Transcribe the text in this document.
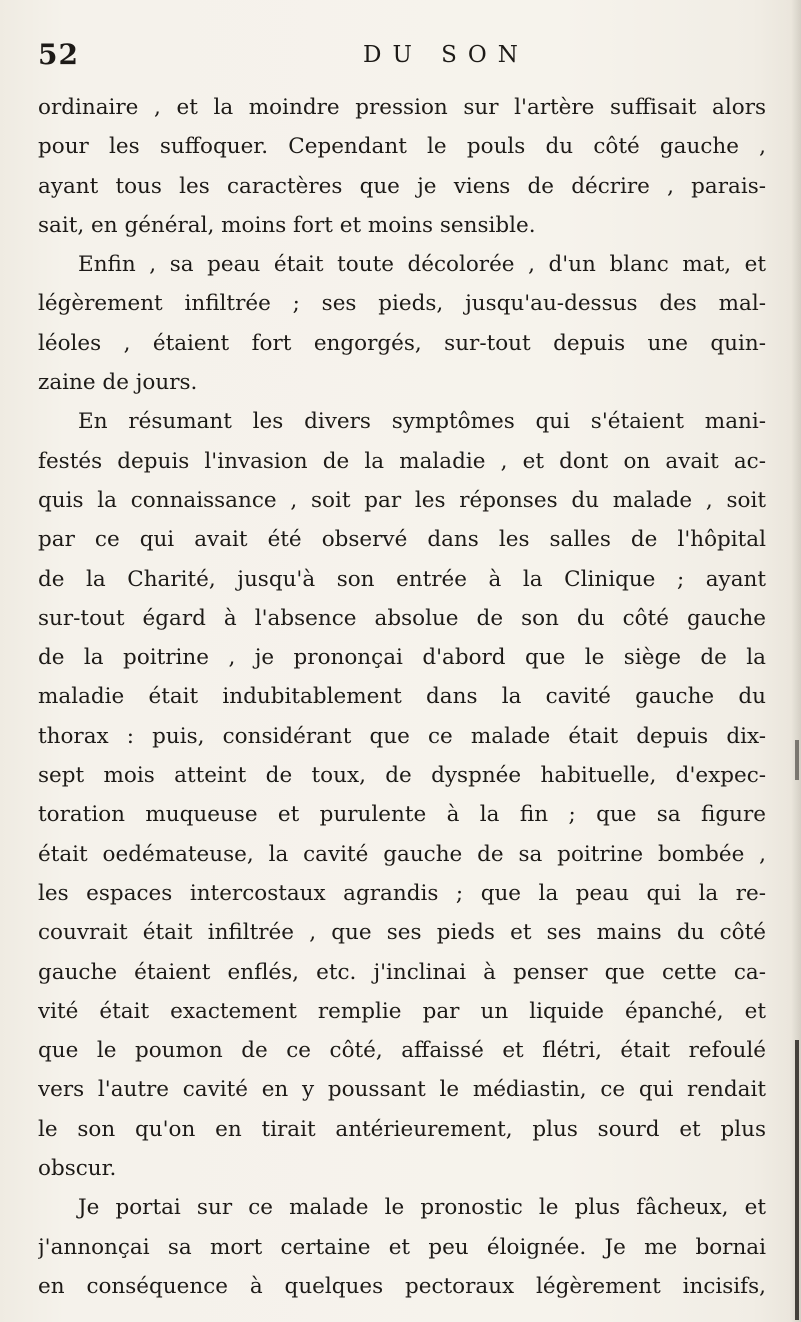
52	DU SON
ordinaire , et la moindre pression sur l'artère suffisait alors
pour les suffoquer. Cependant le pouls du côté gauche ,
ayant tous les caractères que je viens de décrire , parais-
sait, en général, moins fort et moins sensible.
Enfin , sa peau était toute décolorée , d'un blanc mat, et
légèrement infiltrée ; ses pieds, jusqu'au-dessus des mal-
léoles , étaient fort engorgés, sur-tout depuis une quin-
zaine de jours.
En résumant les divers symptômes qui s'étaient mani-
festés depuis l'invasion de la maladie , et dont on avait ac-
quis la connaissance , soit par les réponses du malade , soit
par ce qui avait été observé dans les salles de l'hôpital
de la Charité, jusqu'à son entrée à la Clinique ; ayant
sur-tout égard à l'absence absolue de son du côté gauche
de la poitrine , je prononçai d'abord que le siège de la
maladie était indubitablement dans la cavité gauche du
thorax : puis, considérant que ce malade était depuis dix-
sept mois atteint de toux, de dyspnée habituelle, d'expec-
toration muqueuse et purulente à la fin ; que sa figure
était oedémateuse, la cavité gauche de sa poitrine bombée ,
les espaces intercostaux agrandis ; que la peau qui la re-
couvrait était infiltrée , que ses pieds et ses mains du côté
gauche étaient enflés, etc. j'inclinai à penser que cette ca-
vité était exactement remplie par un liquide épanché, et
que le poumon de ce côté, affaissé et flétri, était refoulé
vers l'autre cavité en y poussant le médiastin, ce qui rendait
le son qu'on en tirait antérieurement, plus sourd et plus
obscur.
Je portai sur ce malade le pronostic le plus fâcheux, et
j'annonçai sa mort certaine et peu éloignée. Je me bornai
en conséquence à quelques pectoraux légèrement incisifs,
